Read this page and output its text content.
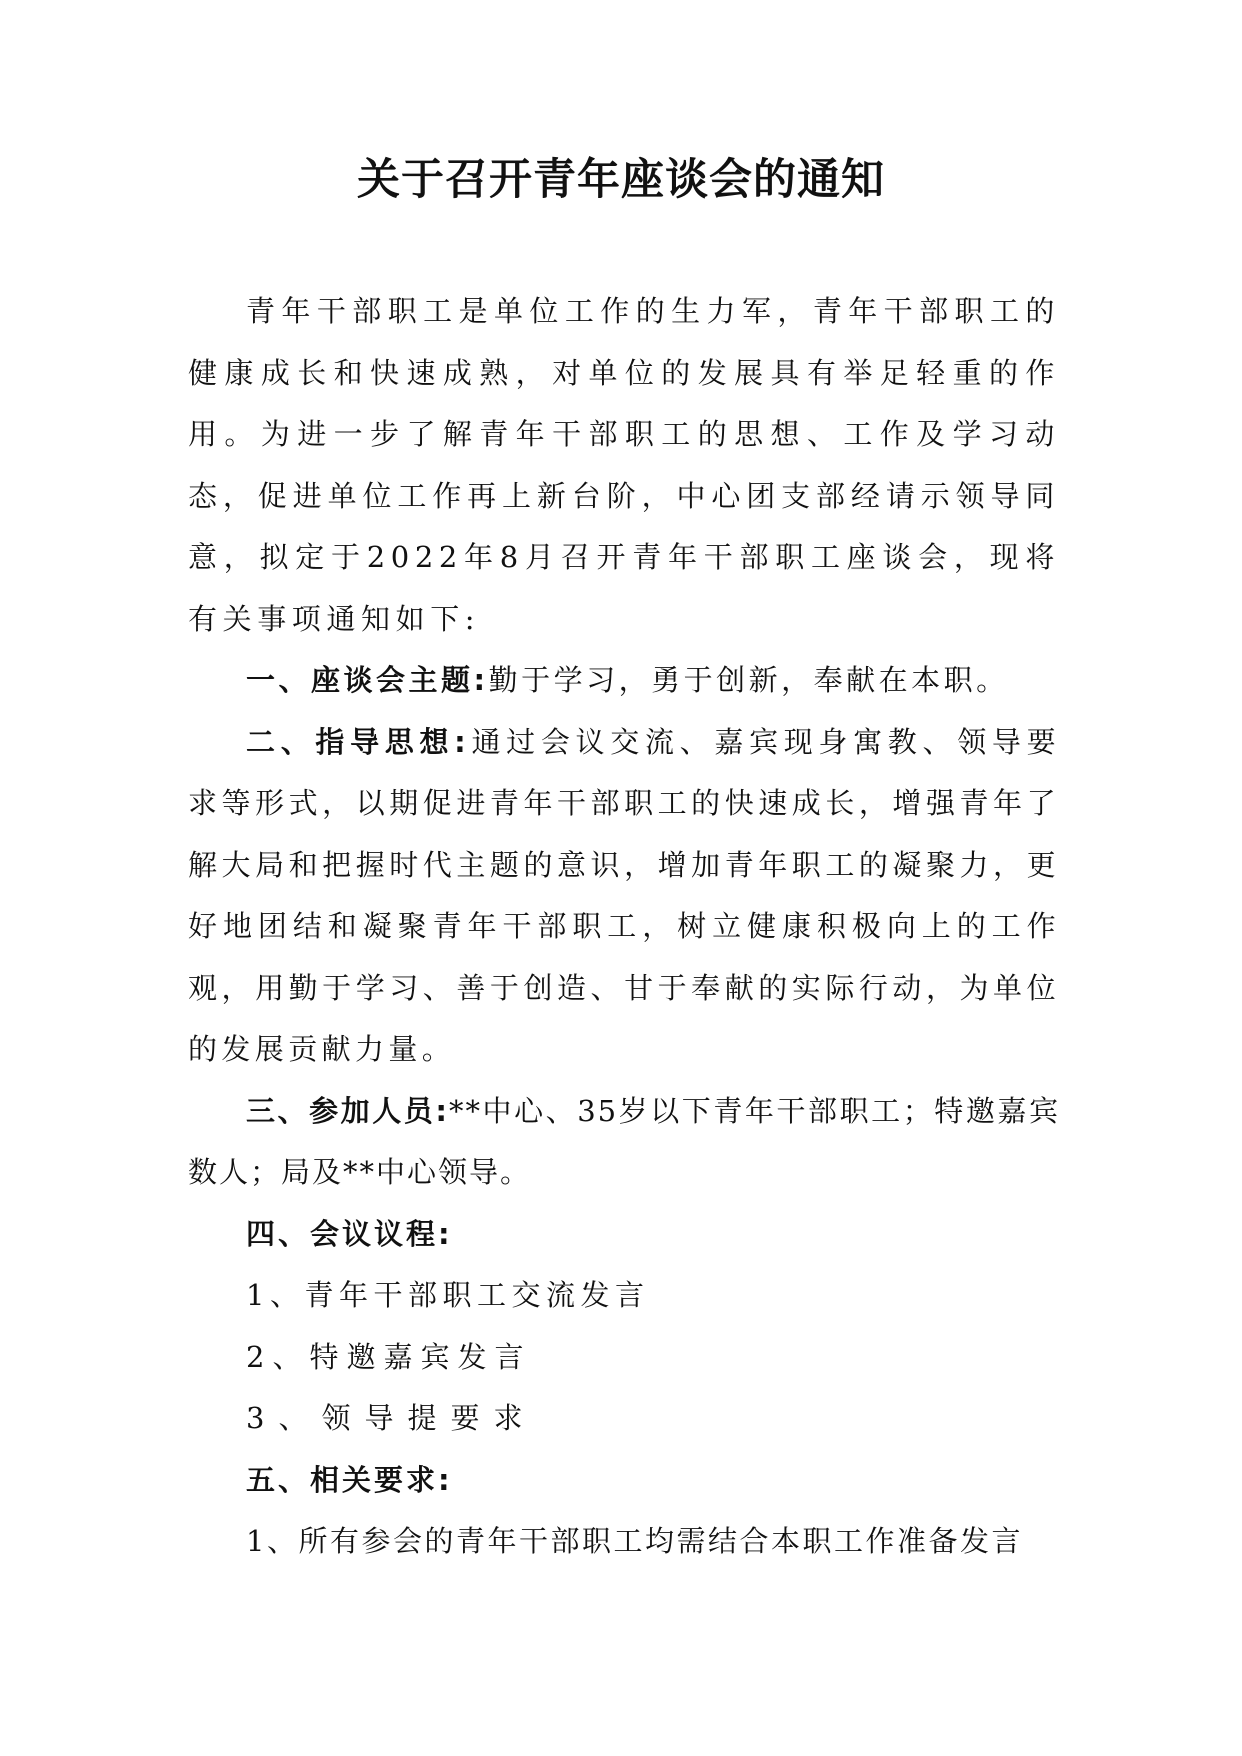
关于召开青年座谈会的通知

青年干部职工是单位工作的生力军，青年干部职工的健康成长和快速成熟，对单位的发展具有举足轻重的作用。为进一步了解青年干部职工的思想、工作及学习动态，促进单位工作再上新台阶，中心团支部经请示领导同意，拟定于2022年8月召开青年干部职工座谈会，现将有关事项通知如下:

一、座谈会主题:勤于学习，勇于创新，奉献在本职。

二、指导思想:通过会议交流、嘉宾现身寓教、领导要求等形式，以期促进青年干部职工的快速成长，增强青年了解大局和把握时代主题的意识，增加青年职工的凝聚力，更好地团结和凝聚青年干部职工，树立健康积极向上的工作观，用勤于学习、善于创造、甘于奉献的实际行动，为单位的发展贡献力量。

三、参加人员:**中心、35岁以下青年干部职工；特邀嘉宾数人；局及**中心领导。

四、会议议程:

1、青年干部职工交流发言

2、特邀嘉宾发言

3、领导提要求

五、相关要求:

1、所有参会的青年干部职工均需结合本职工作准备发言
